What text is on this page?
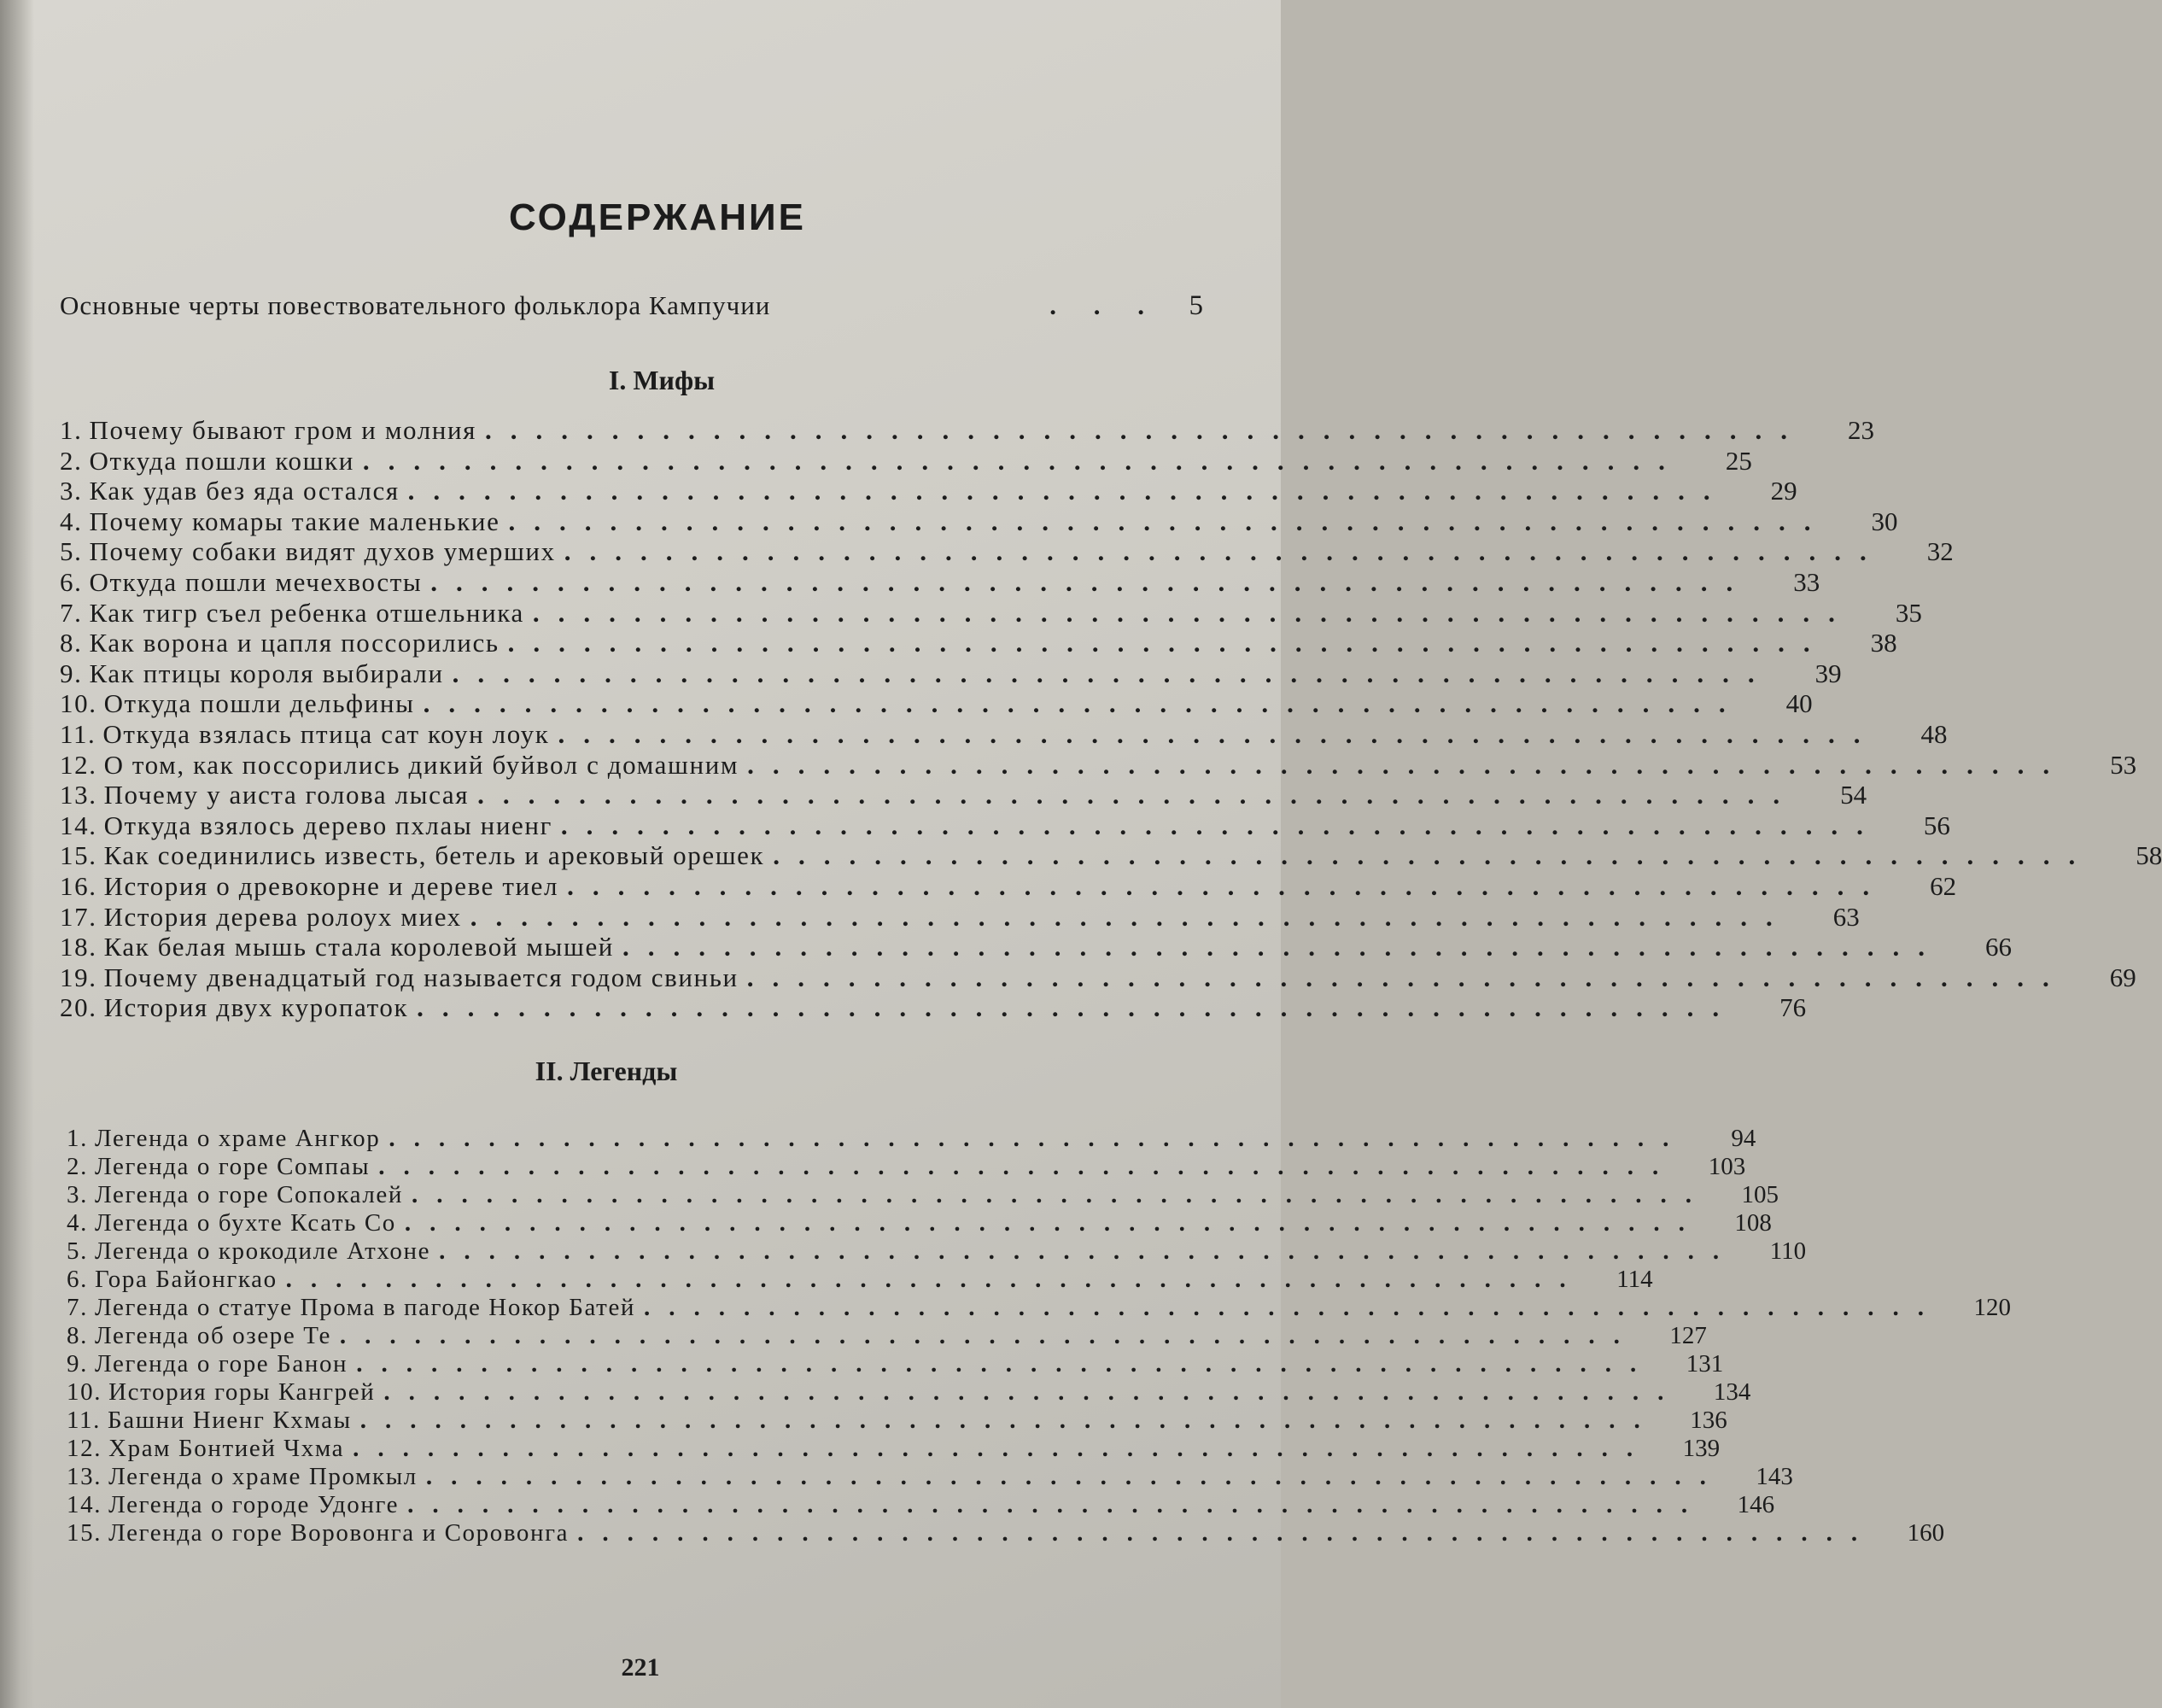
СОДЕРЖАНИЕ
Основные черты повествовательного фольклора Кампучии	. . .	5
I. Мифы
1. Почему бывают гром и молния ....................................................	23
2. Откуда пошли кошки ....................................................	25
3. Как удав без яда остался ....................................................	29
4. Почему комары такие маленькие ....................................................	30
5. Почему собаки видят духов умерших ....................................................	32
6. Откуда пошли мечехвосты ....................................................	33
7. Как тигр съел ребенка отшельника ....................................................	35
8. Как ворона и цапля поссорились ....................................................	38
9. Как птицы короля выбирали ....................................................	39
10. Откуда пошли дельфины ....................................................	40
11. Откуда взялась птица сат коун лоук ....................................................	48
12. О том, как поссорились дикий буйвол с домашним ....................................................	53
13. Почему у аиста голова лысая ....................................................	54
14. Откуда взялось дерево пхлаы ниенг ....................................................	56
15. Как соединились известь, бетель и арековый орешек ....................................................	58
16. История о древокорне и дереве тиел ....................................................	62
17. История дерева ролоух миех ....................................................	63
18. Как белая мышь стала королевой мышей ....................................................	66
19. Почему двенадцатый год называется годом свиньи ....................................................	69
20. История двух куропаток ....................................................	76
II. Легенды
1. Легенда о храме Ангкор ....................................................	94
2. Легенда о горе Сомпаы ....................................................	103
3. Легенда о горе Сопокалей ....................................................	105
4. Легенда о бухте Ксать Со ....................................................	108
5. Легенда о крокодиле Атхоне ....................................................	110
6. Гора Байонгкао ....................................................	114
7. Легенда о статуе Прома в пагоде Нокор Батей ....................................................	120
8. Легенда об озере Те ....................................................	127
9. Легенда о горе Банон ....................................................	131
10. История горы Кангрей ....................................................	134
11. Башни Ниенг Кхмаы ....................................................	136
12. Храм Бонтией Чхма ....................................................	139
13. Легенда о храме Промкыл ....................................................	143
14. Легенда о городе Удонге ....................................................	146
15. Легенда о горе Воровонга и Соровонга ....................................................	160
221
